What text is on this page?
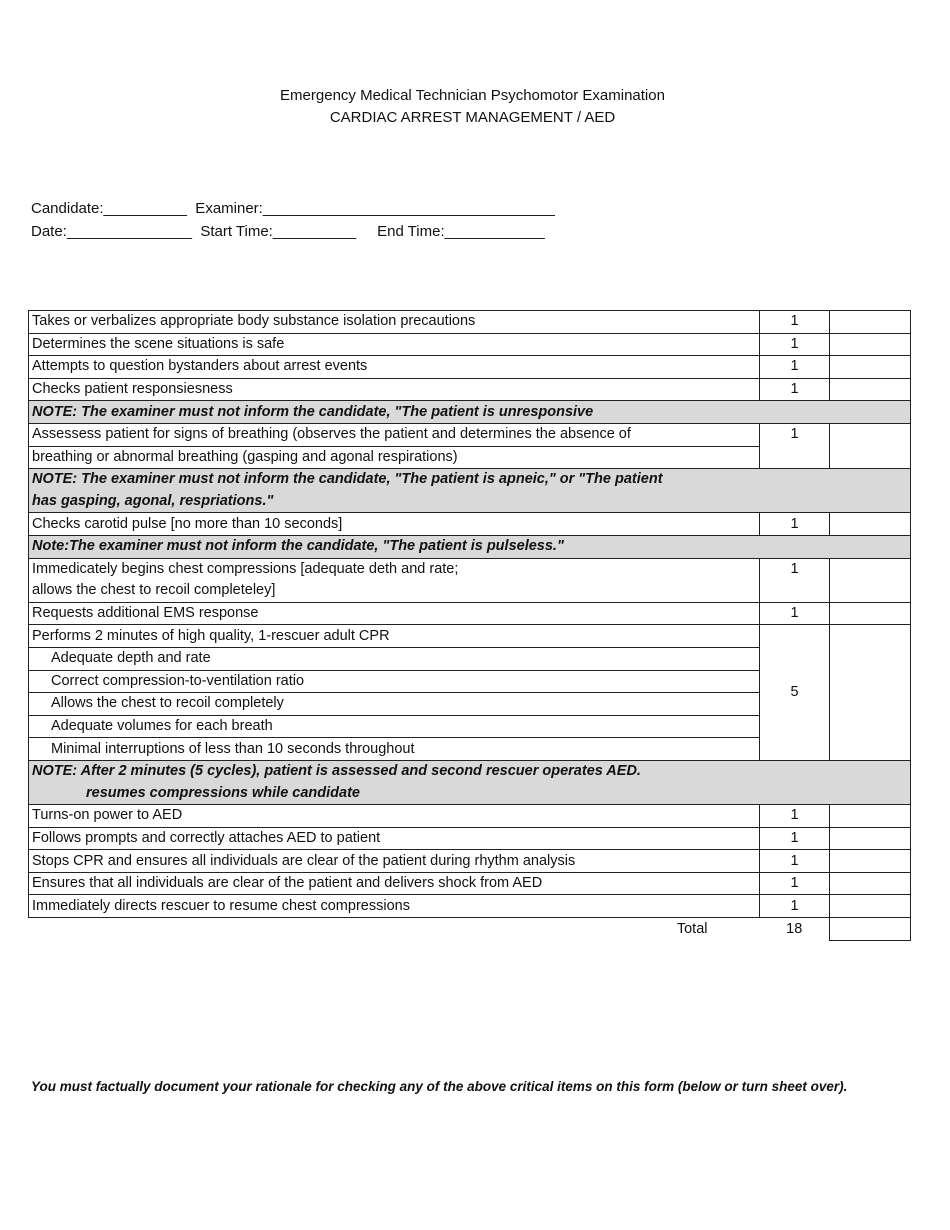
Emergency Medical Technician Psychomotor Examination
CARDIAC ARREST MANAGEMENT / AED
Candidate:__________  Examiner:___________________________________
Date:_______________  Start Time:__________     End Time:____________
Takes or verbalizes appropriate body substance isolation precautions	1	
Determines the scene situations is safe	1	
Attempts to question bystanders about arrest events	1	
Checks patient responsiesness	1	
NOTE: The examiner must not inform the candidate, "The patient is unresponsive		
Assessess patient for signs of breathing (observes the patient and determines the absence of	1	
breathing or abnormal breathing (gasping and agonal respirations)		
NOTE: The examiner must not inform the candidate, "The patient is apneic," or "The patient		
has gasping, agonal, respriations."		
Checks carotid pulse [no more than 10 seconds]	1	
Note:The examiner must not inform the candidate, "The patient is pulseless."		
Immedicately begins chest compressions [adequate deth and rate;	1	
allows the chest to recoil completeley]		
Requests additional EMS response	1	
Performs 2 minutes of high quality, 1-rescuer adult CPR	5	
Adequate depth and rate		
Correct compression-to-ventilation ratio		
Allows the chest to recoil completely		
Adequate volumes for each breath		
Minimal interruptions of less than 10 seconds throughout		
NOTE: After 2 minutes (5 cycles), patient is assessed and second rescuer operates AED.		
resumes compressions while candidate		
Turns-on power to AED	1	
Follows prompts and correctly attaches AED to patient	1	
Stops CPR and ensures all individuals are clear of the patient during rhythm analysis	1	
Ensures that all individuals are clear of the patient and delivers shock from AED	1	
Immediately directs rescuer to resume chest compressions	1	
Total	18	
You must factually document your rationale for checking any of the above critical items on this form (below or turn sheet over).
